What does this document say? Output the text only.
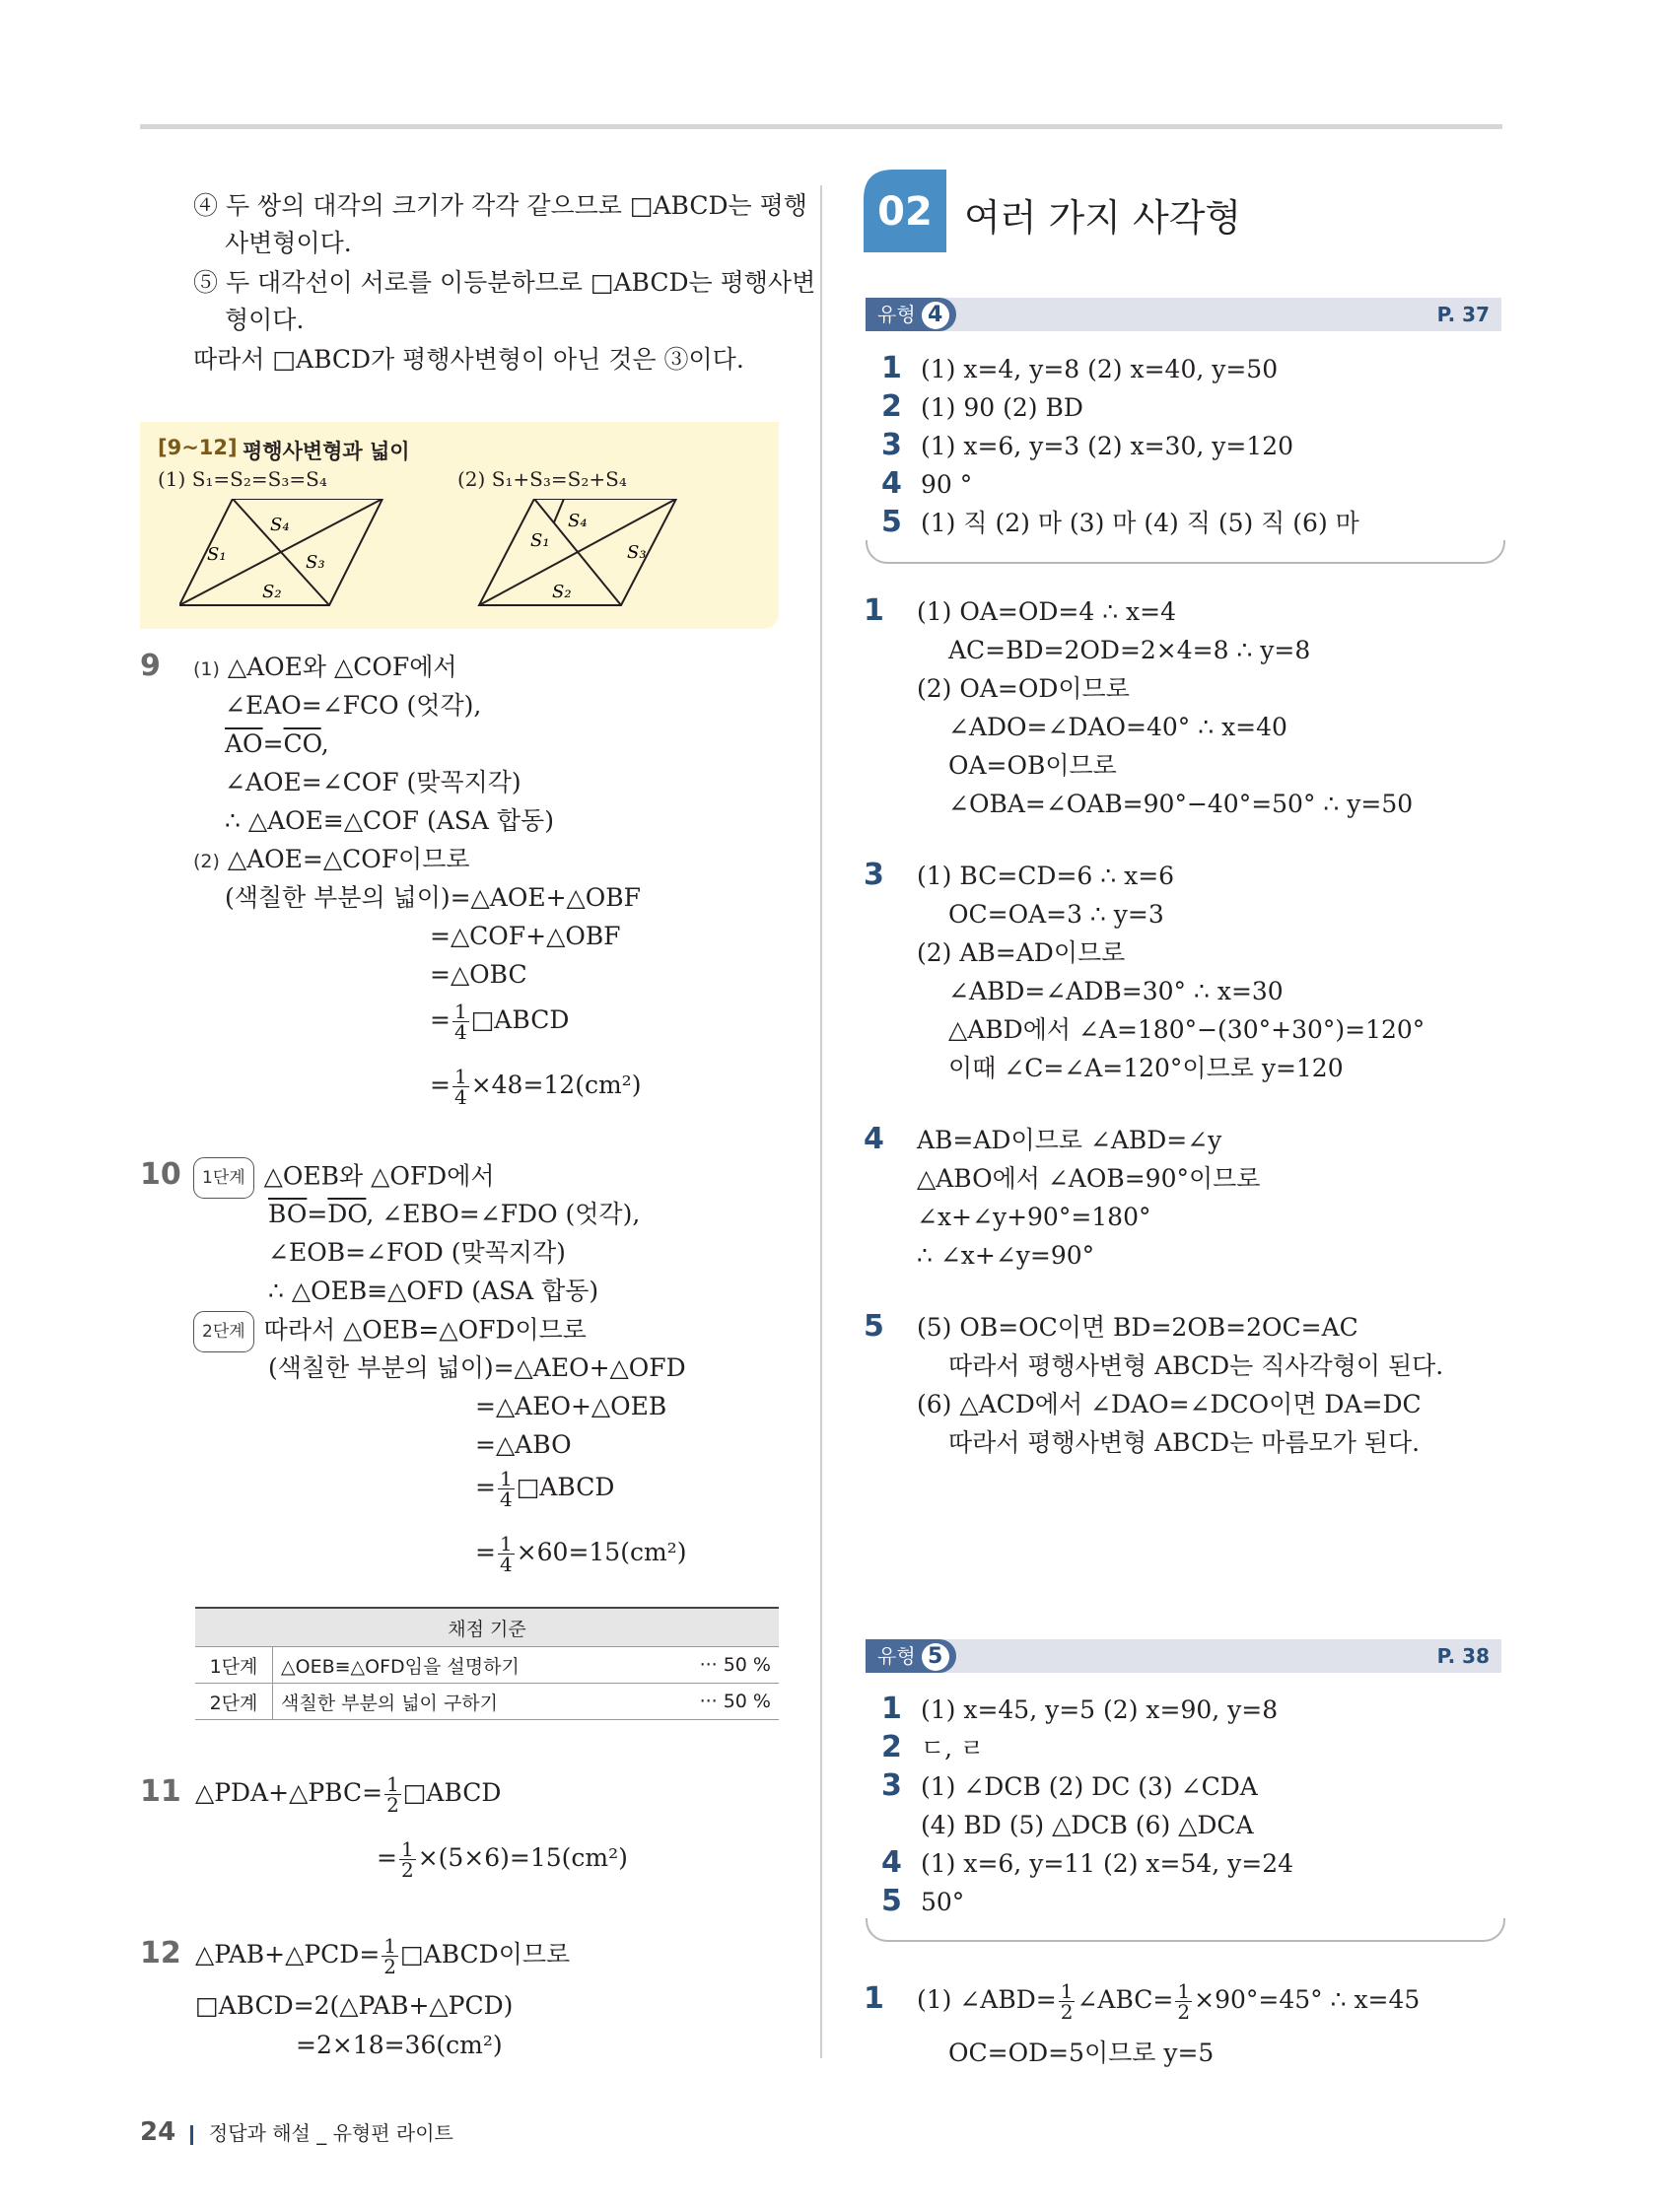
④ 두 쌍의 대각의 크기가 각각 같으므로 □ABCD는 평행
사변형이다.
⑤ 두 대각선이 서로를 이등분하므로 □ABCD는 평행사변
형이다.
따라서 □ABCD가 평행사변형이 아닌 것은 ③이다.
[9~12] 평행사변형과 넓이
(1) S₁=S₂=S₃=S₄	(2) S₁+S₃=S₂+S₄
S₁
S₂
S₃
S₄
S₁
S₂
S₃
S₄
9 (1) △AOE와 △COF에서
∠EAO=∠FCO (엇각),
$\overline{AO}=\overline{CO}$,
∠AOE=∠COF (맞꼭지각)
∴ △AOE≡△COF (ASA 합동)
(2) △AOE=△COF이므로
(색칠한 부분의 넓이)=△AOE+△OBF
=△COF+△OBF
=△OBC
= $\frac{1}{4}$ □ABCD
= $\frac{1}{4} \times 48=12(cm^2)$
10	1단계 △OEB와 △OFD에서
$\overline{BO}=\overline{DO}$, ∠EBO=∠FDO (엇각),
∠EOB=∠FOD (맞꼭지각)
∴ △OEB≡△OFD (ASA 합동)
2단계 따라서 △OEB=△OFD이므로
(색칠한 부분의 넓이)=△AEO+△OFD
=△AEO+△OEB
=△ABO
= $\frac{1}{4}$ □ABCD
= $\frac{1}{4} \times 60=15(cm^2)$
채점 기준		
1단계	△OEB≡△OFD임을 설명하기	··· 50 %
2단계	색칠한 부분의 넓이 구하기	··· 50 %
11 △PDA+△PBC= $\frac{1}{2}$ □ABCD
= $\frac{1}{2} \times(5\times 6)=15(cm^2)$
12 △PAB+△PCD= $\frac{1}{2}$ □ABCD이므로
□ABCD=2(△PAB+△PCD)
=2×18=36(cm²)
02 여러 가지 사각형
유형 4	P. 37
1 (1) x=4, y=8 (2) x=40, y=50
2 (1) 90 (2) BD
3 (1) x=6, y=3 (2) x=30, y=120
4 90 °
5 (1) 직 (2) 마 (3) 마 (4) 직 (5) 직 (6) 마
1 (1) OA=OD=4 ∴ x=4
AC=BD=2OD=2×4=8 ∴ y=8
(2) OA=OD이므로
∠ADO=∠DAO=40° ∴ x=40
OA=OB이므로
∠OBA=∠OAB=90°−40°=50° ∴ y=50
3 (1) BC=CD=6 ∴ x=6
OC=OA=3 ∴ y=3
(2) AB=AD이므로
∠ABD=∠ADB=30° ∴ x=30
△ABD에서 ∠A=180°−(30°+30°)=120°
이때 ∠C=∠A=120°이므로 y=120
4 AB=AD이므로 ∠ABD=∠y
△ABO에서 ∠AOB=90°이므로
∠x+∠y+90°=180°
∴ ∠x+∠y=90°
5 (5) OB=OC이면 BD=2OB=2OC=AC
따라서 평행사변형 ABCD는 직사각형이 된다.
(6) △ACD에서 ∠DAO=∠DCO이면 DA=DC
따라서 평행사변형 ABCD는 마름모가 된다.
유형 5	P. 38
1 (1) x=45, y=5 (2) x=90, y=8
2 ㄷ, ㄹ
3 (1) ∠DCB (2) DC (3) ∠CDA
(4) BD (5) △DCB (6) △DCA
4 (1) x=6, y=11 (2) x=54, y=24
5 50°
1 (1) ∠ABD= $\frac{1}{2}$ ∠ABC= $\frac{1}{2} \times 90^\circ=45^\circ$ ∴ x=45
OC=OD=5이므로 y=5
24 정답과 해설 _ 유형편 라이트
